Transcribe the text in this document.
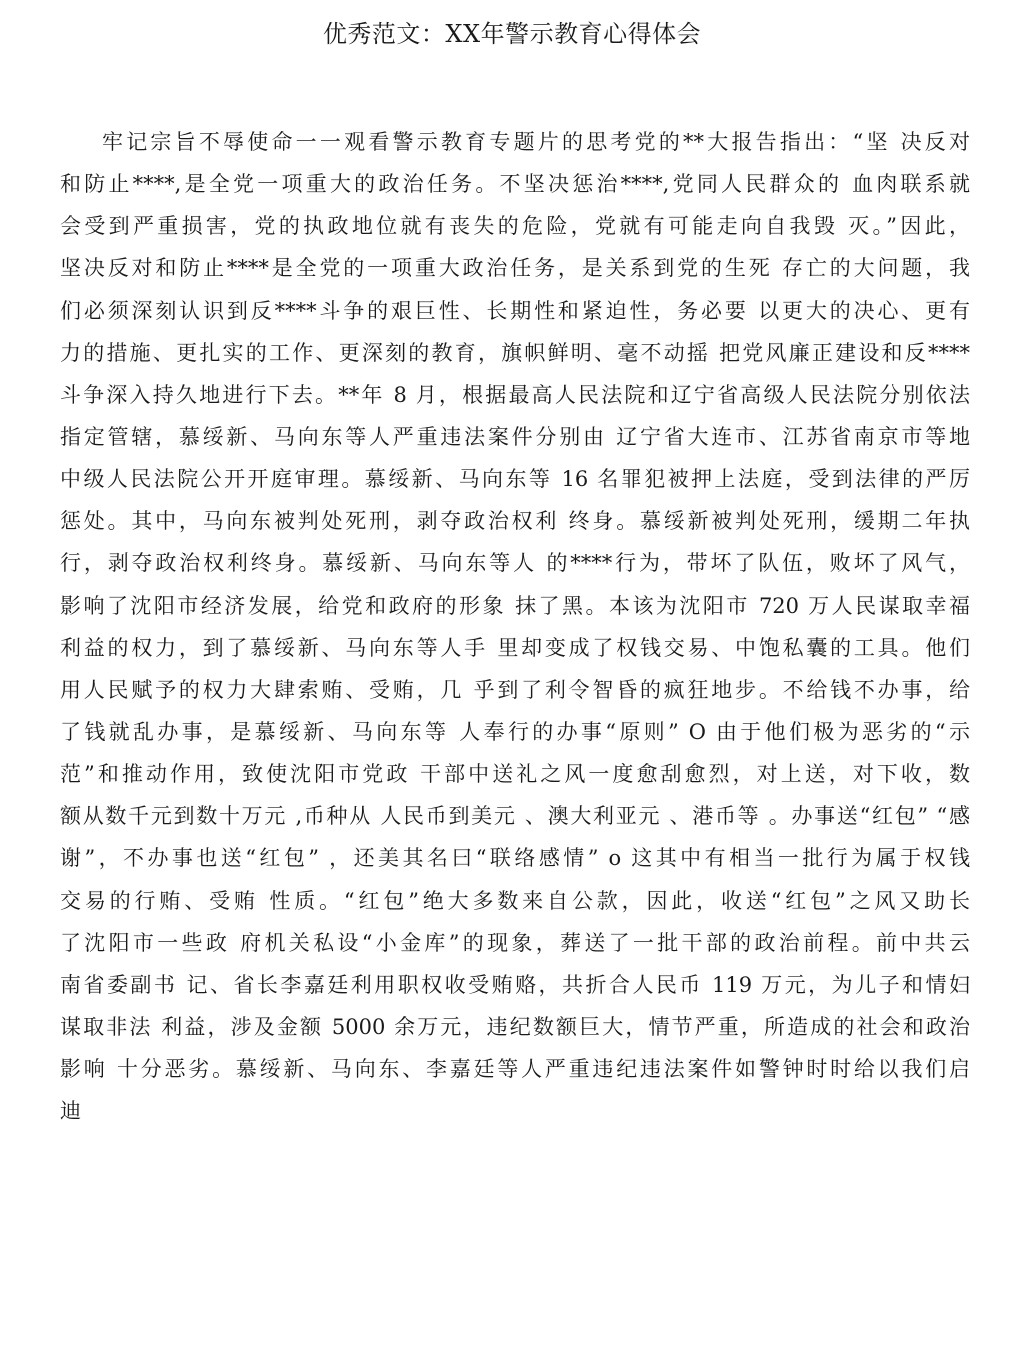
优秀范文：XX年警示教育心得体会
牢记宗旨不辱使命一一观看警示教育专题片的思考党的**大报告指出：“坚 决反对
和防止****,是全党一项重大的政治任务。不坚决惩治****,党同人民群众的 血肉联系就
会受到严重损害，党的执政地位就有丧失的危险，党就有可能走向自我毁 灭。”因此，
坚决反对和防止****是全党的一项重大政治任务，是关系到党的生死 存亡的大问题，我
们必须深刻认识到反****斗争的艰巨性、长期性和紧迫性，务必要 以更大的决心、更有
力的措施、更扎实的工作、更深刻的教育，旗帜鲜明、毫不动摇 把党风廉正建设和反****
斗争深入持久地进行下去。**年 8 月，根据最高人民法院和辽宁省高级人民法院分别依法
指定管辖，慕绥新、马向东等人严重违法案件分别由 辽宁省大连市、江苏省南京市等地
中级人民法院公开开庭审理。慕绥新、马向东等 16 名罪犯被押上法庭，受到法律的严厉
惩处。其中，马向东被判处死刑，剥夺政治权利 终身。慕绥新被判处死刑，缓期二年执
行，剥夺政治权利终身。慕绥新、马向东等人 的****行为，带坏了队伍，败坏了风气，
影响了沈阳市经济发展，给党和政府的形象 抹了黑。本该为沈阳市 720 万人民谋取幸福
利益的权力，到了慕绥新、马向东等人手 里却变成了权钱交易、中饱私囊的工具。他们
用人民赋予的权力大肆索贿、受贿，几 乎到了利令智昏的疯狂地步。不给钱不办事，给
了钱就乱办事，是慕绥新、马向东等 人奉行的办事“原则” O 由于他们极为恶劣的“示
范”和推动作用，致使沈阳市党政 干部中送礼之风一度愈刮愈烈，对上送，对下收，数
额从数千元到数十万元 ,币种从 人民币到美元 、澳大利亚元 、港币等 。办事送“红包” “感
谢”，不办事也送“红包” ，还美其名曰“联络感情” o 这其中有相当一批行为属于权钱
交易的行贿、受贿 性质。“红包”绝大多数来自公款，因此，收送“红包”之风又助长
了沈阳市一些政 府机关私设“小金库”的现象，葬送了一批干部的政治前程。前中共云
南省委副书 记、省长李嘉廷利用职权收受贿赂，共折合人民币 119 万元，为儿子和情妇
谋取非法 利益，涉及金额 5000 余万元，违纪数额巨大，情节严重，所造成的社会和政治
影响 十分恶劣。慕绥新、马向东、李嘉廷等人严重违纪违法案件如警钟时时给以我们启
迪
